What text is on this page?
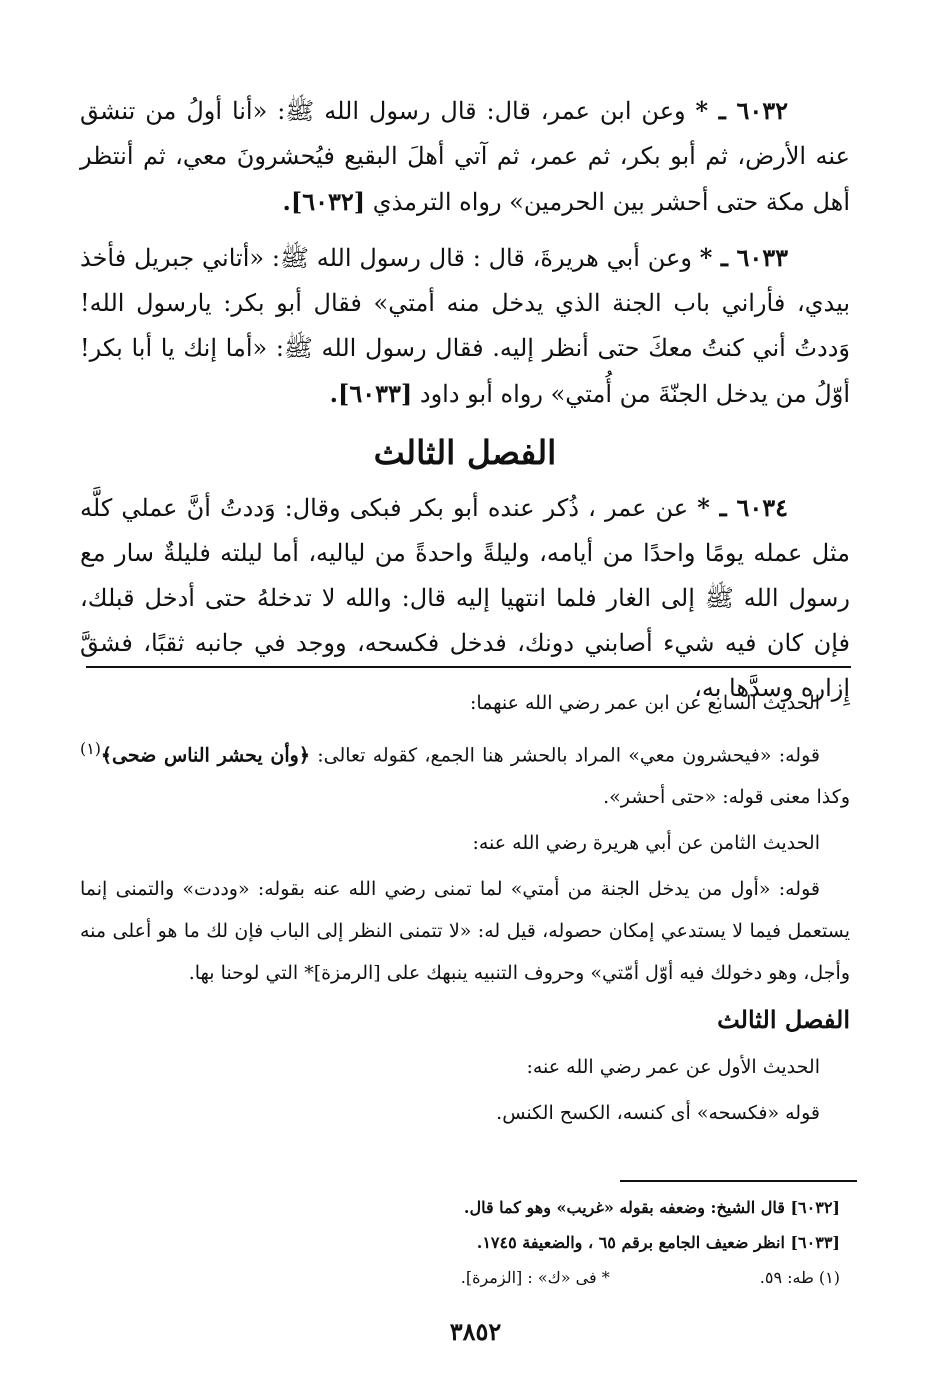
٦٠٣٢ ـ * وعن ابن عمر، قال: قال رسول الله ﷺ: «أنا أولُ من تنشق عنه الأرض، ثم أبو بكر، ثم عمر، ثم آتي أهلَ البقيع فيُحشرونَ معي، ثم أنتظر أهل مكة حتى أحشر بين الحرمين» رواه الترمذي [٦٠٣٢].

٦٠٣٣ ـ * وعن أبي هريرةَ، قال : قال رسول الله ﷺ: «أتاني جبريل فأخذ بيدي، فأراني باب الجنة الذي يدخل منه أمتي» فقال أبو بكر: يارسول الله! وَددتُ أني كنتُ معكَ حتى أنظر إليه. فقال رسول الله ﷺ: «أما إنك يا أبا بكر! أوّلُ من يدخل الجنّةَ من أُمتي» رواه أبو داود [٦٠٣٣].

الفصل الثالث

٦٠٣٤ ـ * عن عمر ، ذُكر عنده أبو بكر فبكى وقال: وَددتُ أنَّ عملي كلَّه مثل عمله يومًا واحدًا من أيامه، وليلةً واحدةً من لياليه، أما ليلته فليلةٌ سار مع رسول الله ﷺ إلى الغار فلما انتهيا إليه قال: والله لا تدخلهُ حتى أدخل قبلك، فإن كان فيه شيء أصابني دونك، فدخل فكسحه، ووجد في جانبه ثقبًا، فشقَّ إِزاره وسدَّها به،

الحديث السابع عن ابن عمر رضي الله عنهما:

قوله: «فيحشرون معي» المراد بالحشر هنا الجمع، كقوله تعالى: ﴿وأن يحشر الناس ضحى﴾$^{(١)}$ وكذا معنى قوله: «حتى أحشر».

الحديث الثامن عن أبي هريرة رضي الله عنه:

قوله: «أول من يدخل الجنة من أمتي» لما تمنى رضي الله عنه بقوله: «وددت» والتمنى إنما يستعمل فيما لا يستدعي إمكان حصوله، قيل له: «لا تتمنى النظر إلى الباب فإن لك ما هو أعلى منه وأجل، وهو دخولك فيه أوّل أمّتي» وحروف التنبيه ينبهك على [الرمزة]* التي لوحنا بها.

الفصل الثالث

الحديث الأول عن عمر رضي الله عنه:

قوله «فكسحه» أى كنسه، الكسح الكنس.

[٦٠٣٢] قال الشيخ: وضعفه بقوله «غريب» وهو كما قال.

[٦٠٣٣] انظر ضعيف الجامع برقم ٦٥ ، والضعيفة ١٧٤٥.

(١) طه: ٥٩.
* فى «ك» : [الزمرة].

٣٨٥٢
